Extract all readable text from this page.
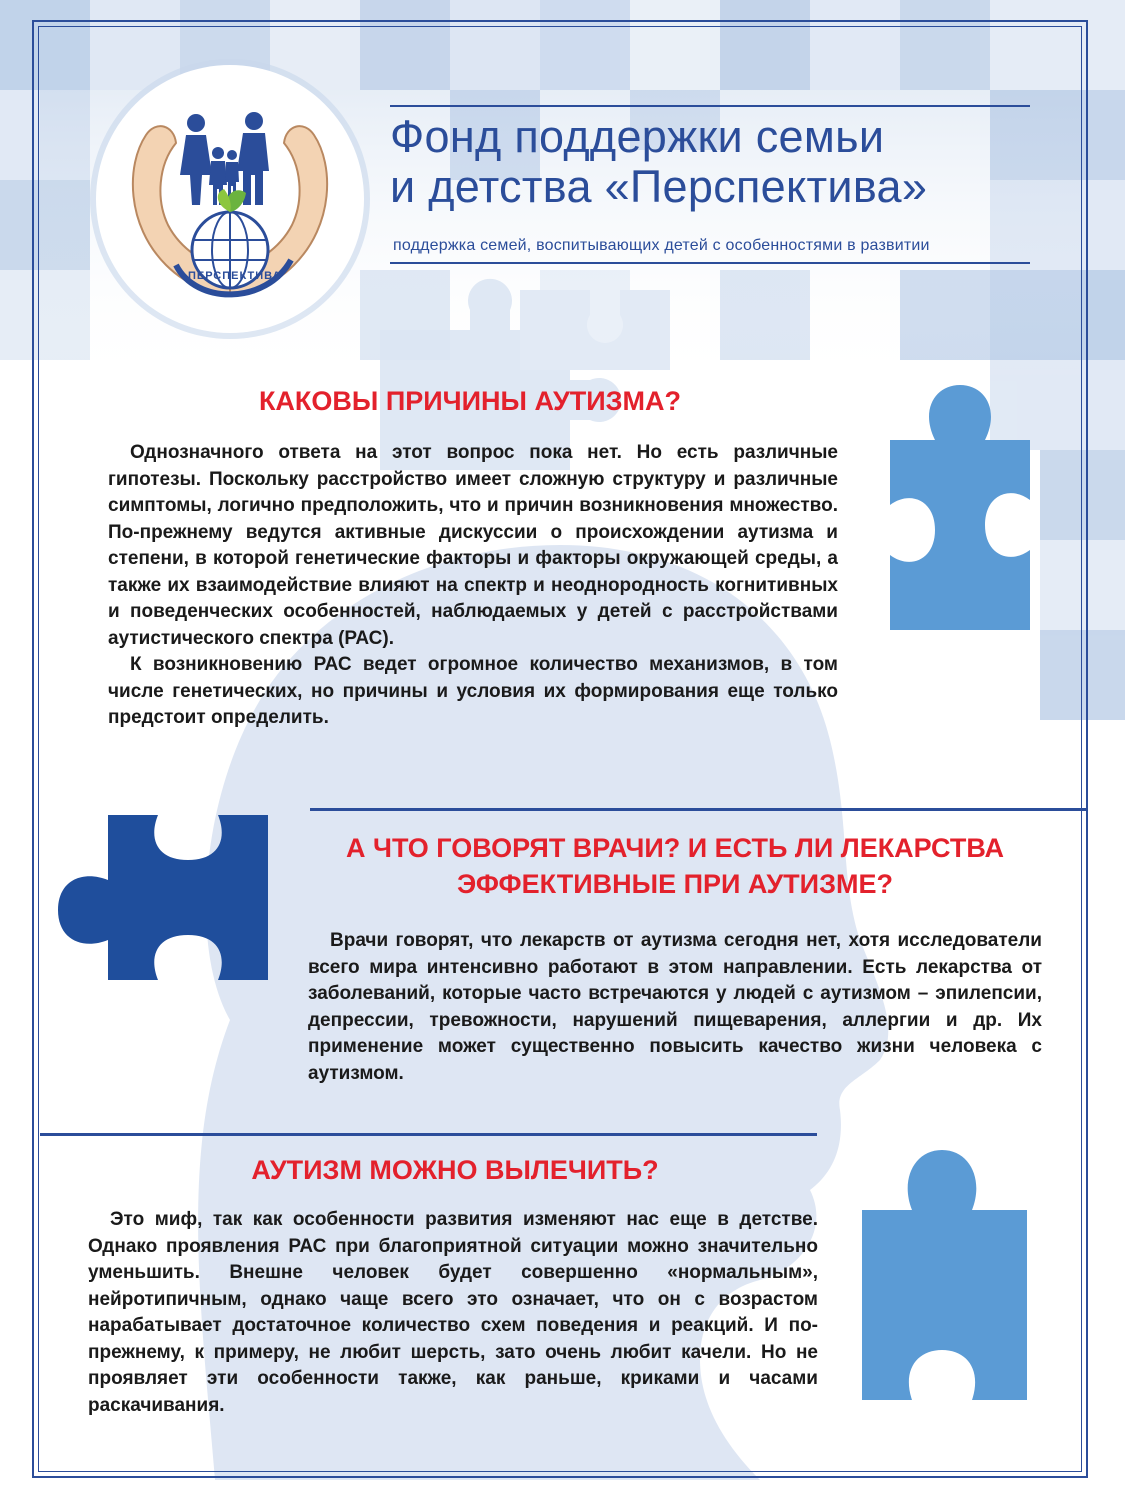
ПЕРСПЕКТИВА
Фонд поддержки семьи
и детства «Перспектива»
поддержка семей, воспитывающих детей с особенностями в развитии
КАКОВЫ ПРИЧИНЫ АУТИЗМА?

Однозначного ответа на этот вопрос пока нет. Но есть различные гипотезы. Поскольку расстройство имеет сложную структуру и различные симптомы, логично предположить, что и причин возникновения множество. По-прежнему ведутся активные дискуссии о происхождении аутизма и степени, в которой генетические факторы и факторы окружающей среды, а также их взаимодействие влияют на спектр и неоднородность когнитивных и поведенческих особенностей, наблюдаемых у детей с расстройствами аутистического спектра (РАС).

К возникновению РАС ведет огромное количество механизмов, в том числе генетических, но причины и условия их формирования еще только предстоит определить.

А ЧТО ГОВОРЯТ ВРАЧИ? И ЕСТЬ ЛИ ЛЕКАРСТВА
ЭФФЕКТИВНЫЕ ПРИ АУТИЗМЕ?

Врачи говорят, что лекарств от аутизма сегодня нет, хотя исследователи всего мира интенсивно работают в этом направлении. Есть лекарства от заболеваний, которые часто встречаются у людей с аутизмом – эпилепсии, депрессии, тревожности, нарушений пищеварения, аллергии и др. Их применение может существенно повысить качество жизни человека с аутизмом.

АУТИЗМ МОЖНО ВЫЛЕЧИТЬ?

Это миф, так как особенности развития изменяют нас еще в детстве. Однако проявления РАС при благоприятной ситуации можно значительно уменьшить. Внешне человек будет совершенно «нормальным», нейротипичным, однако чаще всего это означает, что он с возрастом нарабатывает достаточное количество схем поведения и реакций. И по-прежнему, к примеру, не любит шерсть, зато очень любит качели. Но не проявляет эти особенности также, как раньше, криками и часами раскачивания.
